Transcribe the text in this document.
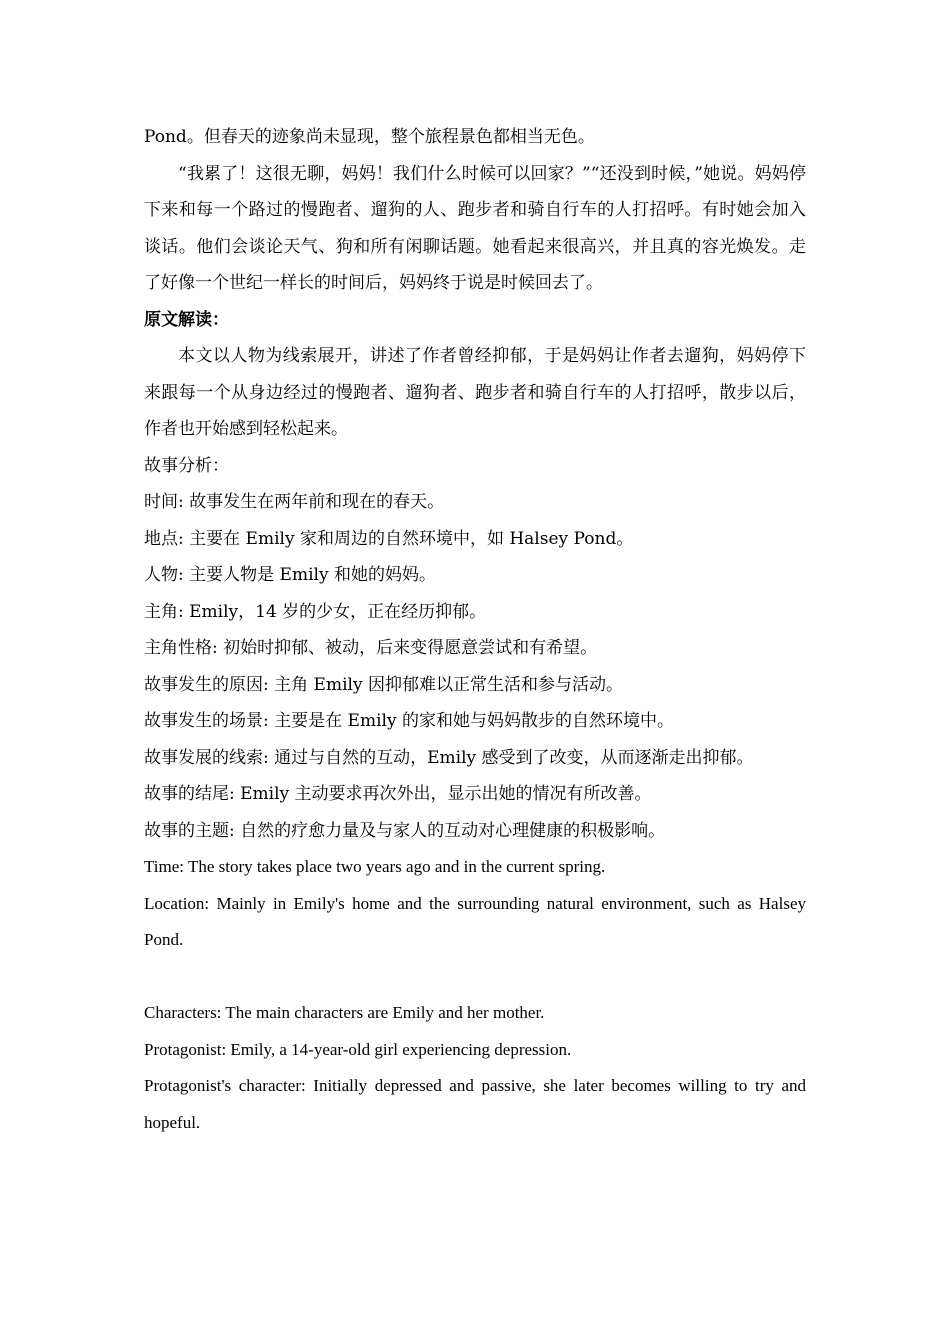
Pond。但春天的迹象尚未显现，整个旅程景色都相当无色。

“我累了！这很无聊，妈妈！我们什么时候可以回家？”“还没到时候，”她说。妈妈停下来和每一个路过的慢跑者、遛狗的人、跑步者和骑自行车的人打招呼。有时她会加入谈话。他们会谈论天气、狗和所有闲聊话题。她看起来很高兴，并且真的容光焕发。走了好像一个世纪一样长的时间后，妈妈终于说是时候回去了。

原文解读：

本文以人物为线索展开，讲述了作者曾经抑郁，于是妈妈让作者去遛狗，妈妈停下来跟每一个从身边经过的慢跑者、遛狗者、跑步者和骑自行车的人打招呼，散步以后，作者也开始感到轻松起来。

故事分析：

时间: 故事发生在两年前和现在的春天。

地点: 主要在 Emily 家和周边的自然环境中，如 Halsey Pond。

人物: 主要人物是 Emily 和她的妈妈。

主角: Emily，14 岁的少女，正在经历抑郁。

主角性格: 初始时抑郁、被动，后来变得愿意尝试和有希望。

故事发生的原因: 主角 Emily 因抑郁难以正常生活和参与活动。

故事发生的场景: 主要是在 Emily 的家和她与妈妈散步的自然环境中。

故事发展的线索: 通过与自然的互动，Emily 感受到了改变，从而逐渐走出抑郁。

故事的结尾: Emily 主动要求再次外出，显示出她的情况有所改善。

故事的主题: 自然的疗愈力量及与家人的互动对心理健康的积极影响。

Time: The story takes place two years ago and in the current spring.

Location: Mainly in Emily's home and the surrounding natural environment, such as Halsey Pond.

Characters: The main characters are Emily and her mother.

Protagonist: Emily, a 14-year-old girl experiencing depression.

Protagonist's character: Initially depressed and passive, she later becomes willing to try and hopeful.
